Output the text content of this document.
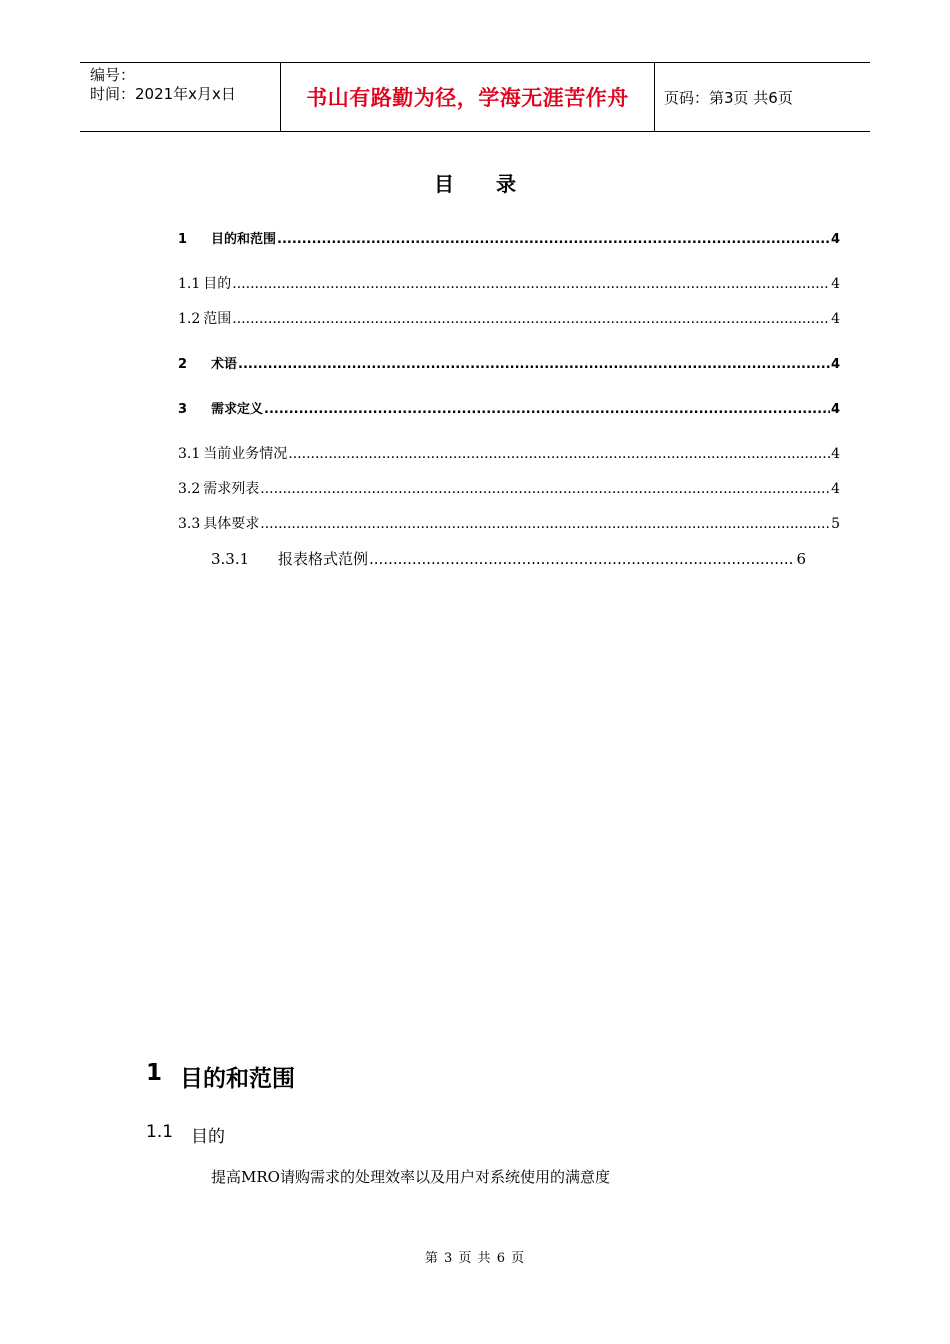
编号：
时间：2021年x月x日	书山有路勤为径，学海无涯苦作舟 页码：第3页 共6页
目录
1	目的和范围 .....	4
1.1 目的 .....	4
1.2 范围 .....	4
2	术语 .....	4
3	需求定义 .....	4
3.1 当前业务情况 .....	4
3.2 需求列表 .....	4
3.3 具体要求 .....	5
3.3.1	报表格式范例 .....	6
1 目的和范围
1.1	目的
提高MRO请购需求的处理效率以及用户对系统使用的满意度
第 3 页 共 6 页
